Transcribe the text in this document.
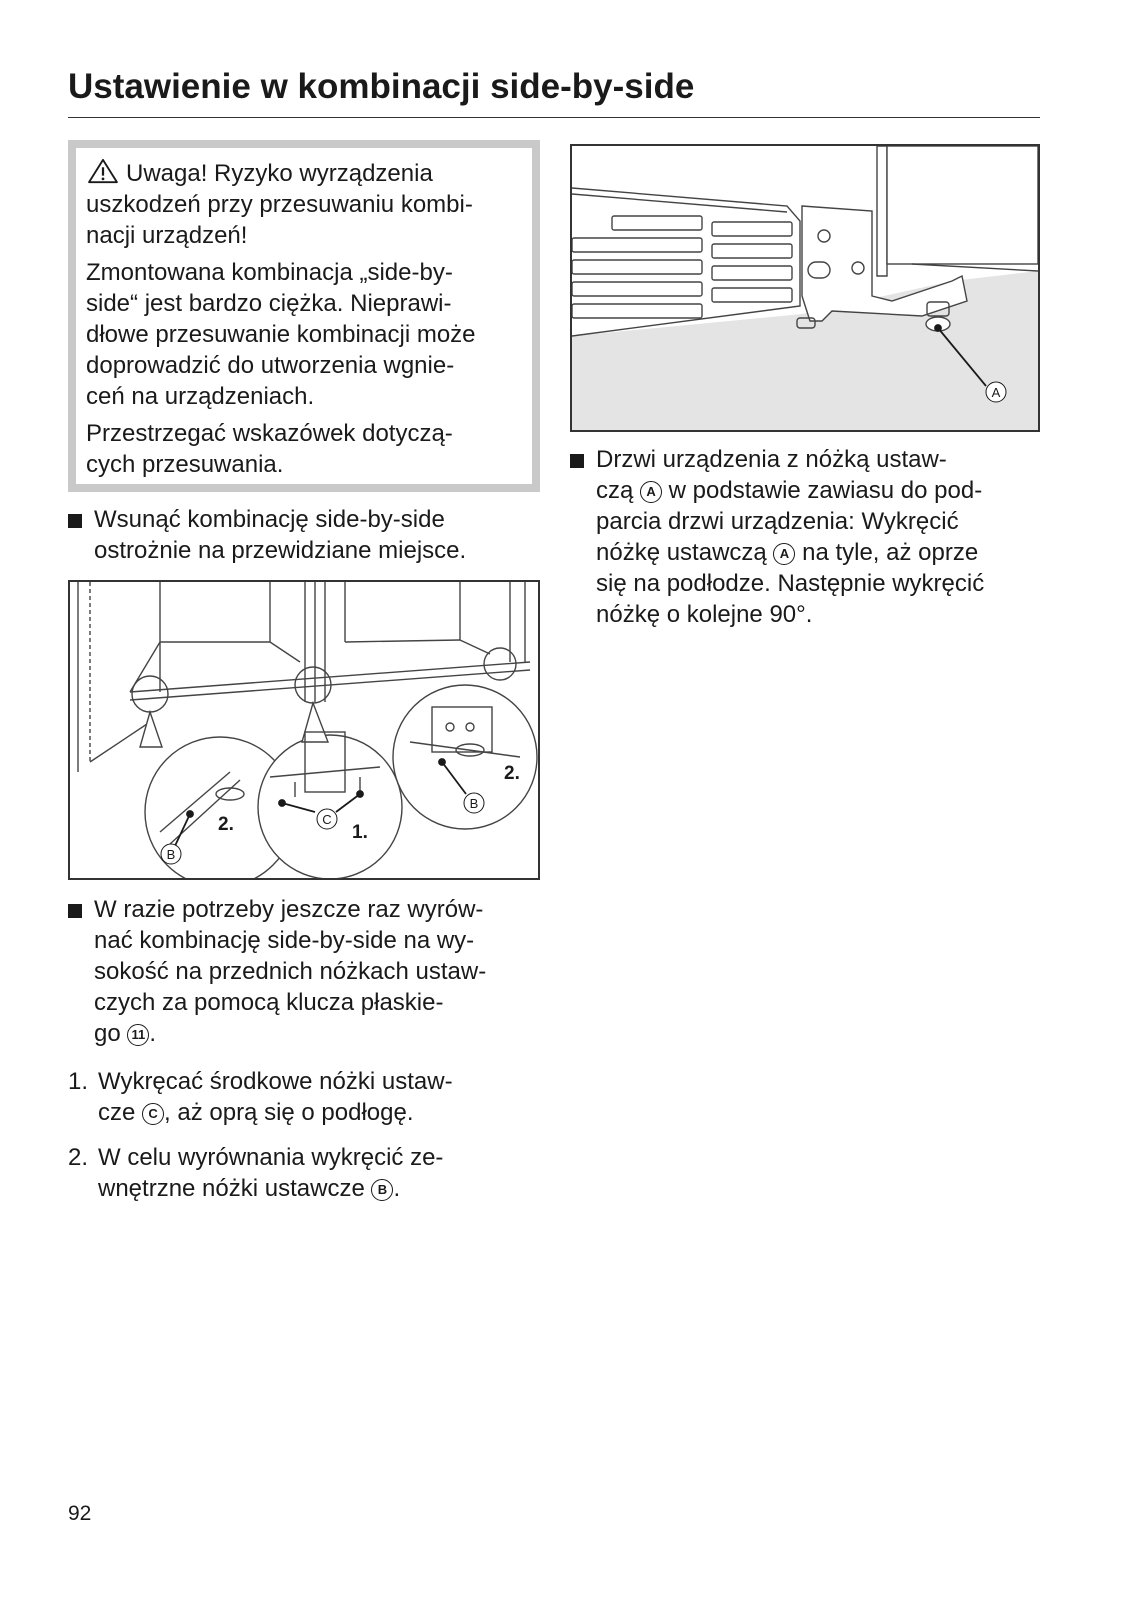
Ustawienie w kombinacji side-by-side

Uwaga! Ryzyko wyrządzenia
uszkodzeń przy przesuwaniu kombi-
nacji urządzeń!

Zmontowana kombinacja „side-by-
side“ jest bardzo ciężka. Nieprawi-
dłowe przesuwanie kombinacji może
doprowadzić do utworzenia wgnie-
ceń na urządzeniach.

Przestrzegać wskazówek dotyczą-
cych przesuwania.

Wsunąć kombinację side-by-side
ostrożnie na przewidziane miejsce.

B
C
B
2.	1.
2.

W razie potrzeby jeszcze raz wyrów-
nać kombinację side-by-side na wy-
sokość na przednich nóżkach ustaw-
czych za pomocą klucza płaskie-
go 11 .

1. Wykręcać środkowe nóżki ustaw-
cze C , aż oprą się o podłogę.

2. W celu wyrównania wykręcić ze-
wnętrzne nóżki ustawcze B .

A

Drzwi urządzenia z nóżką ustaw-
czą A w podstawie zawiasu do pod-
parcia drzwi urządzenia: Wykręcić
nóżkę ustawczą A na tyle, aż oprze
się na podłodze. Następnie wykręcić
nóżkę o kolejne 90°.

92
